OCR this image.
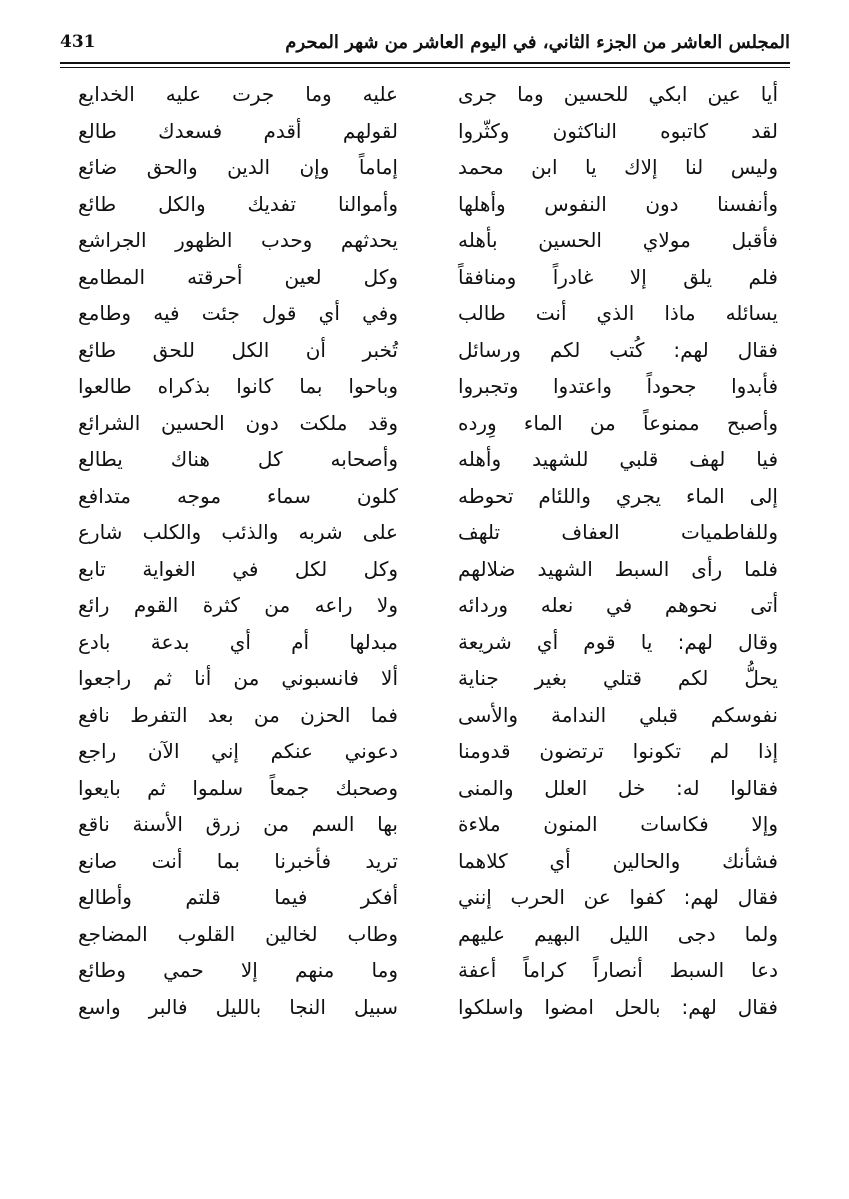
المجلس العاشر من الجزء الثاني، في اليوم العاشر من شهر المحرم
431
أيا عين ابكي للحسين وما جرى
عليه وما جرت عليه الخدايع
لقد كاتبوه الناكثون وكثّروا
لقولهم أقدم فسعدك طالع
وليس لنا إلاك يا ابن محمد
إماماً وإن الدين والحق ضائع
وأنفسنا دون النفوس وأهلها
وأموالنا تفديك والكل طائع
فأقبل مولاي الحسين بأهله
يحدثهم وحدب الظهور الجراشع
فلم يلق إلا غادراً ومنافقاً
وكل لعين أحرقته المطامع
يسائله ماذا الذي أنت طالب
وفي أي قول جئت فيه وطامع
فقال لهم: كُتب لكم ورسائل
تُخبر أن الكل للحق طائع
فأبدوا جحوداً واعتدوا وتجبروا
وباحوا بما كانوا بذكراه طالعوا
وأصبح ممنوعاً من الماء وِرده
وقد ملكت دون الحسين الشرائع
فيا لهف قلبي للشهيد وأهله
وأصحابه كل هناك يطالع
إلى الماء يجري واللئام تحوطه
كلون سماء موجه متدافع
وللفاطميات العفاف تلهف
على شربه والذئب والكلب شارع
فلما رأى السبط الشهيد ضلالهم
وكل لكل في الغواية تابع
أتى نحوهم في نعله وردائه
ولا راعه من كثرة القوم رائع
وقال لهم: يا قوم أي شريعة
مبدلها أم أي بدعة بادع
يحلُّ لكم قتلي بغير جناية
ألا فانسبوني من أنا ثم راجعوا
نفوسكم قبلي الندامة والأسى
فما الحزن من بعد التفرط نافع
إذا لم تكونوا ترتضون قدومنا
دعوني عنكم إني الآن راجع
فقالوا له: خل العلل والمنى
وصحبك جمعاً سلموا ثم بايعوا
وإلا فكاسات المنون ملاءة
بها السم من زرق الأسنة ناقع
فشأنك والحالين أي كلاهما
تريد فأخبرنا بما أنت صانع
فقال لهم: كفوا عن الحرب إنني
أفكر فيما قلتم وأطالع
ولما دجى الليل البهيم عليهم
وطاب لخالين القلوب المضاجع
دعا السبط أنصاراً كراماً أعفة
وما منهم إلا حمي وطائع
فقال لهم: بالحل امضوا واسلكوا
سبيل النجا بالليل فالبر واسع
